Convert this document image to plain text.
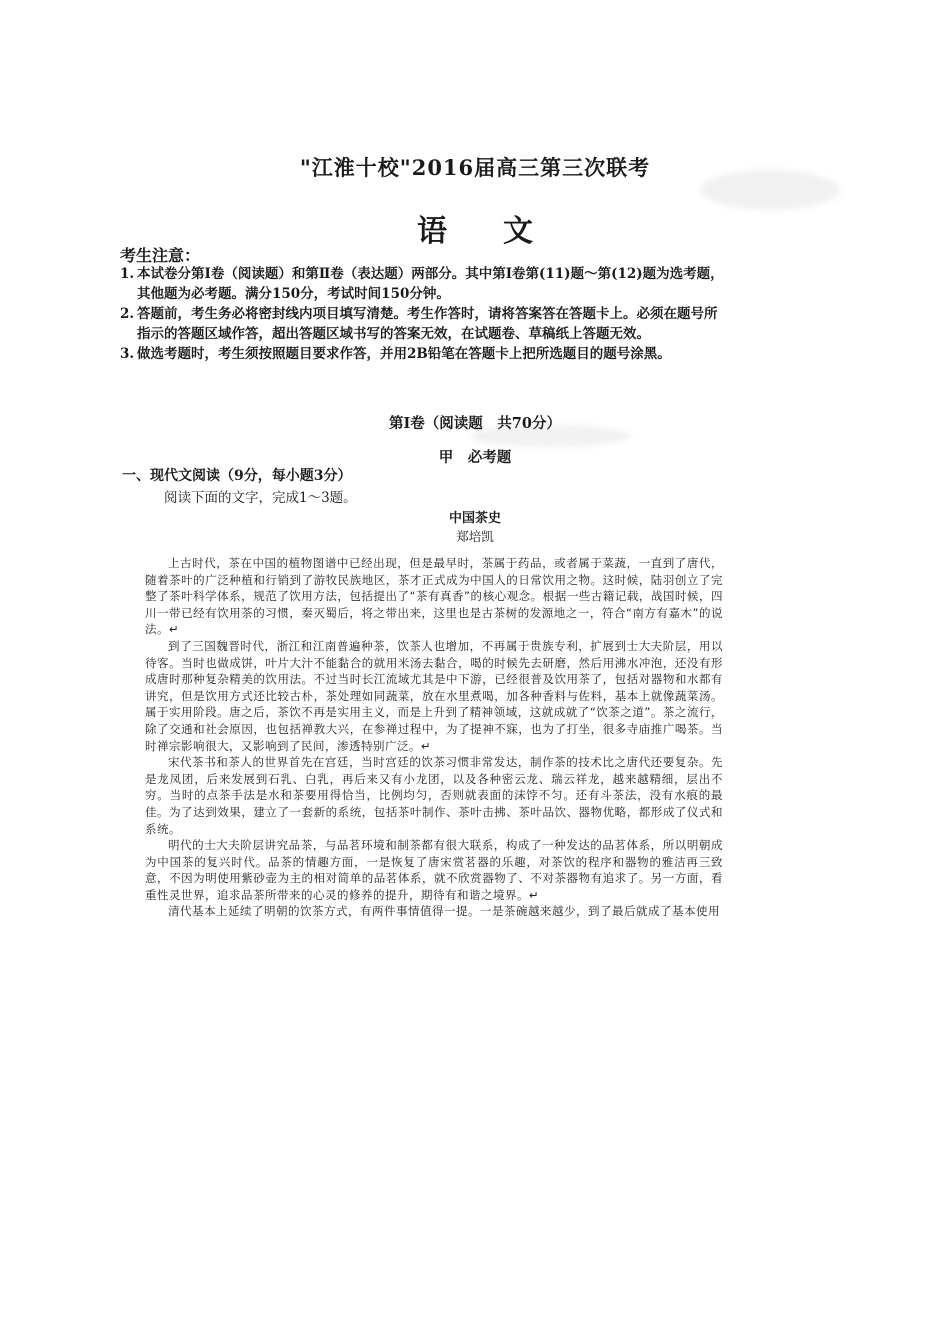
"江淮十校"2016届高三第三次联考
语文
考生注意：
1. 本试卷分第Ⅰ卷（阅读题）和第Ⅱ卷（表达题）两部分。其中第Ⅰ卷第(11)题～第(12)题为选考题，
其他题为必考题。满分150分，考试时间150分钟。
2. 答题前，考生务必将密封线内项目填写清楚。考生作答时，请将答案答在答题卡上。必须在题号所
指示的答题区域作答，超出答题区域书写的答案无效，在试题卷、草稿纸上答题无效。
3. 做选考题时，考生须按照题目要求作答，并用2B铅笔在答题卡上把所选题目的题号涂黑。
第Ⅰ卷（阅读题　共70分）
甲　必考题
一、现代文阅读（9分，每小题3分）
阅读下面的文字，完成1～3题。
中国茶史
郑培凯

上古时代，茶在中国的植物图谱中已经出现，但是最早时，茶属于药品，或者属于菜蔬，一直到了唐代，随着茶叶的广泛种植和行销到了游牧民族地区，茶才正式成为中国人的日常饮用之物。这时候，陆羽创立了完整了茶叶科学体系，规范了饮用方法，包括提出了“茶有真香”的核心观念。根据一些古籍记载，战国时候，四川一带已经有饮用茶的习惯，秦灭蜀后，将之带出来，这里也是古茶树的发源地之一，符合“南方有嘉木”的说法。↵

到了三国魏晋时代，浙江和江南普遍种茶，饮茶人也增加，不再属于贵族专利，扩展到士大夫阶层，用以待客。当时也做成饼，叶片大汁不能黏合的就用米汤去黏合，喝的时候先去研磨，然后用沸水冲泡，还没有形成唐时那种复杂精美的饮用法。不过当时长江流域尤其是中下游，已经很普及饮用茶了，包括对器物和水都有讲究，但是饮用方式还比较古朴，茶处理如同蔬菜，放在水里煮喝，加各种香料与佐料，基本上就像蔬菜汤。属于实用阶段。唐之后，茶饮不再是实用主义，而是上升到了精神领域，这就成就了“饮茶之道”。茶之流行，除了交通和社会原因，也包括禅教大兴，在参禅过程中，为了提神不寐，也为了打坐，很多寺庙推广喝茶。当时禅宗影响很大，又影响到了民间，渗透特别广泛。↵

宋代茶书和茶人的世界首先在宫廷，当时宫廷的饮茶习惯非常发达，制作茶的技术比之唐代还要复杂。先是龙凤团，后来发展到石乳、白乳，再后来又有小龙团，以及各种密云龙、瑞云祥龙，越来越精细，层出不穷。当时的点茶手法是水和茶要用得恰当，比例均匀，否则就表面的沫饽不匀。还有斗茶法，没有水痕的最佳。为了达到效果，建立了一套新的系统，包括茶叶制作、茶叶击拂、茶叶品饮、器物优略，都形成了仪式和系统。

明代的士大夫阶层讲究品茶，与品茗环境和制茶都有很大联系，构成了一种发达的品茗体系，所以明朝成为中国茶的复兴时代。品茶的情趣方面，一是恢复了唐宋赏茗器的乐趣，对茶饮的程序和器物的雅洁再三致意，不因为明使用紫砂壶为主的相对简单的品茗体系，就不欣赏器物了、不对茶器物有追求了。另一方面，看重性灵世界，追求品茶所带来的心灵的修养的提升，期待有和谐之境界。↵

清代基本上延续了明朝的饮茶方式，有两件事情值得一提。一是茶碗越来越少，到了最后就成了基本使用
